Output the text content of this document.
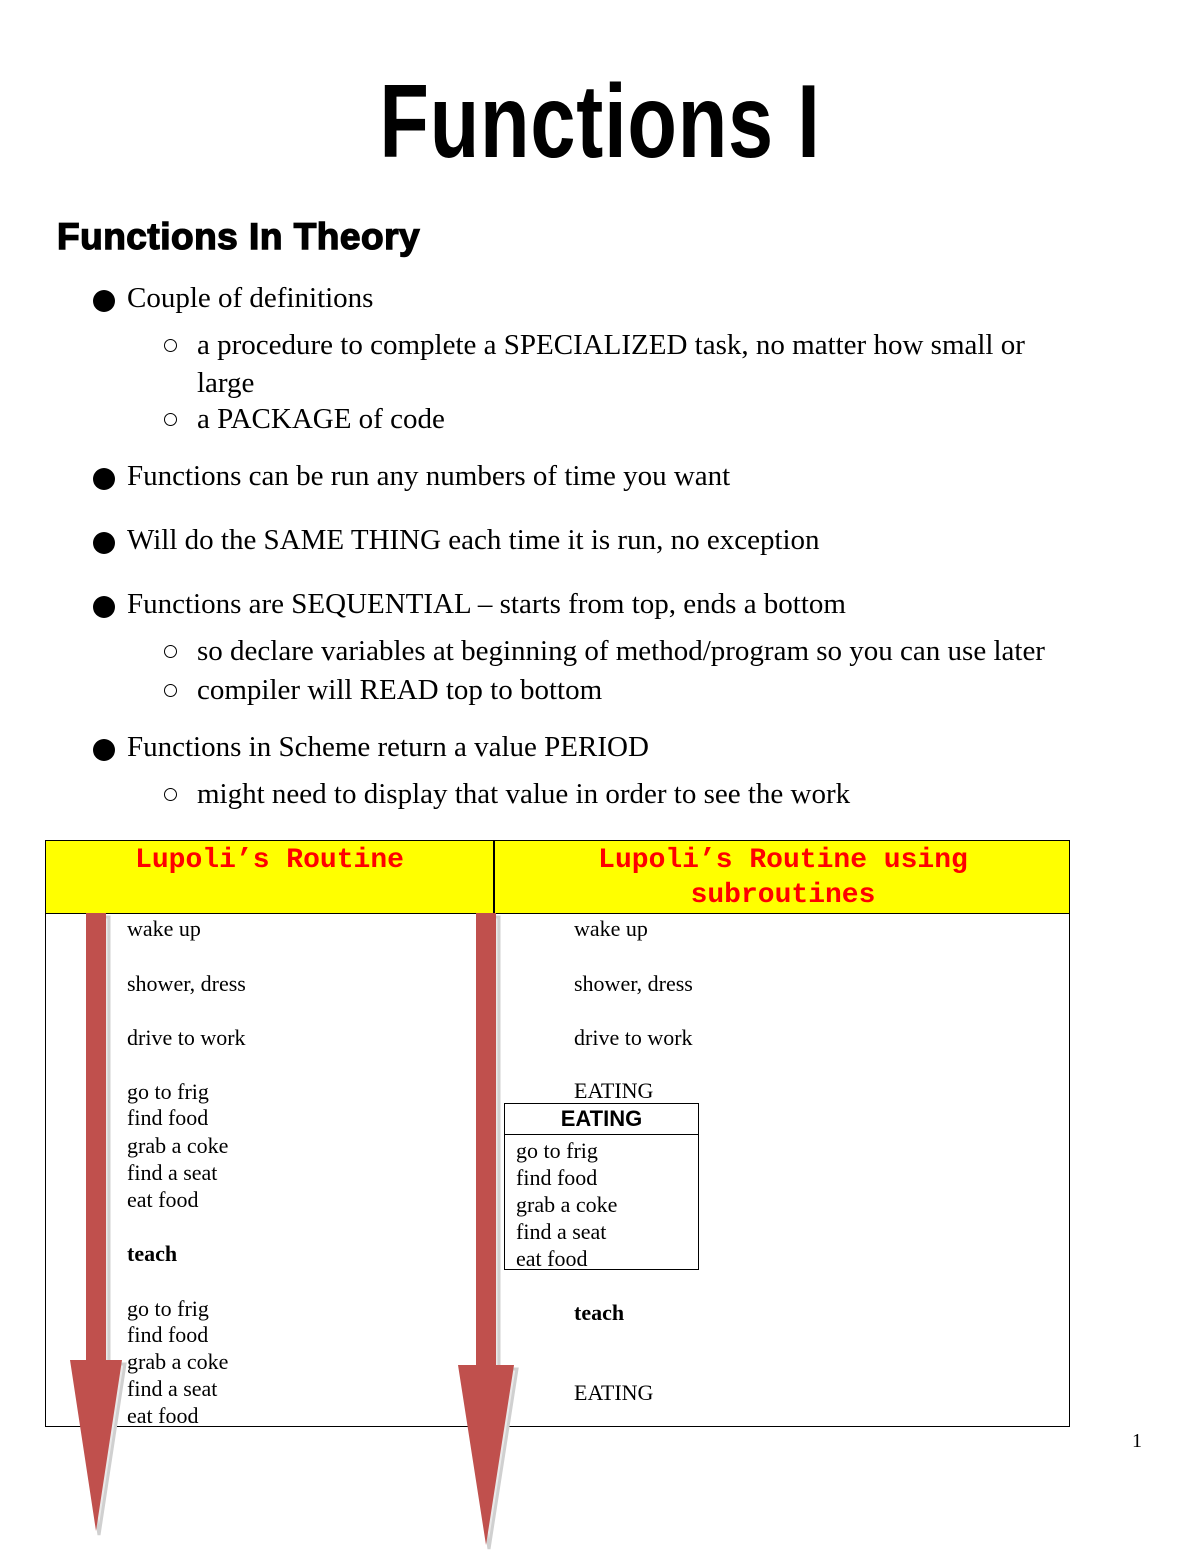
Functions I
Functions In Theory
Couple of definitions
a procedure to complete a SPECIALIZED task, no matter how small or
large
a PACKAGE of code
Functions can be run any numbers of time you want
Will do the SAME THING each time it is run, no exception
Functions are SEQUENTIAL – starts from top, ends a bottom
so declare variables at beginning of method/program so you can use later
compiler will READ top to bottom
Functions in Scheme return a value PERIOD
might need to display that value in order to see the work
Lupoli’s Routine	Lupoli’s Routine using
subroutines
wake up
shower, dress
drive to work
go to frig
find food
grab a coke
find a seat
eat food
teach
go to frig
find food
grab a coke
find a seat
eat food
wake up
shower, dress
drive to work
EATING
EATING
go to frig
find food
grab a coke
find a seat
eat food
teach
EATING
1
